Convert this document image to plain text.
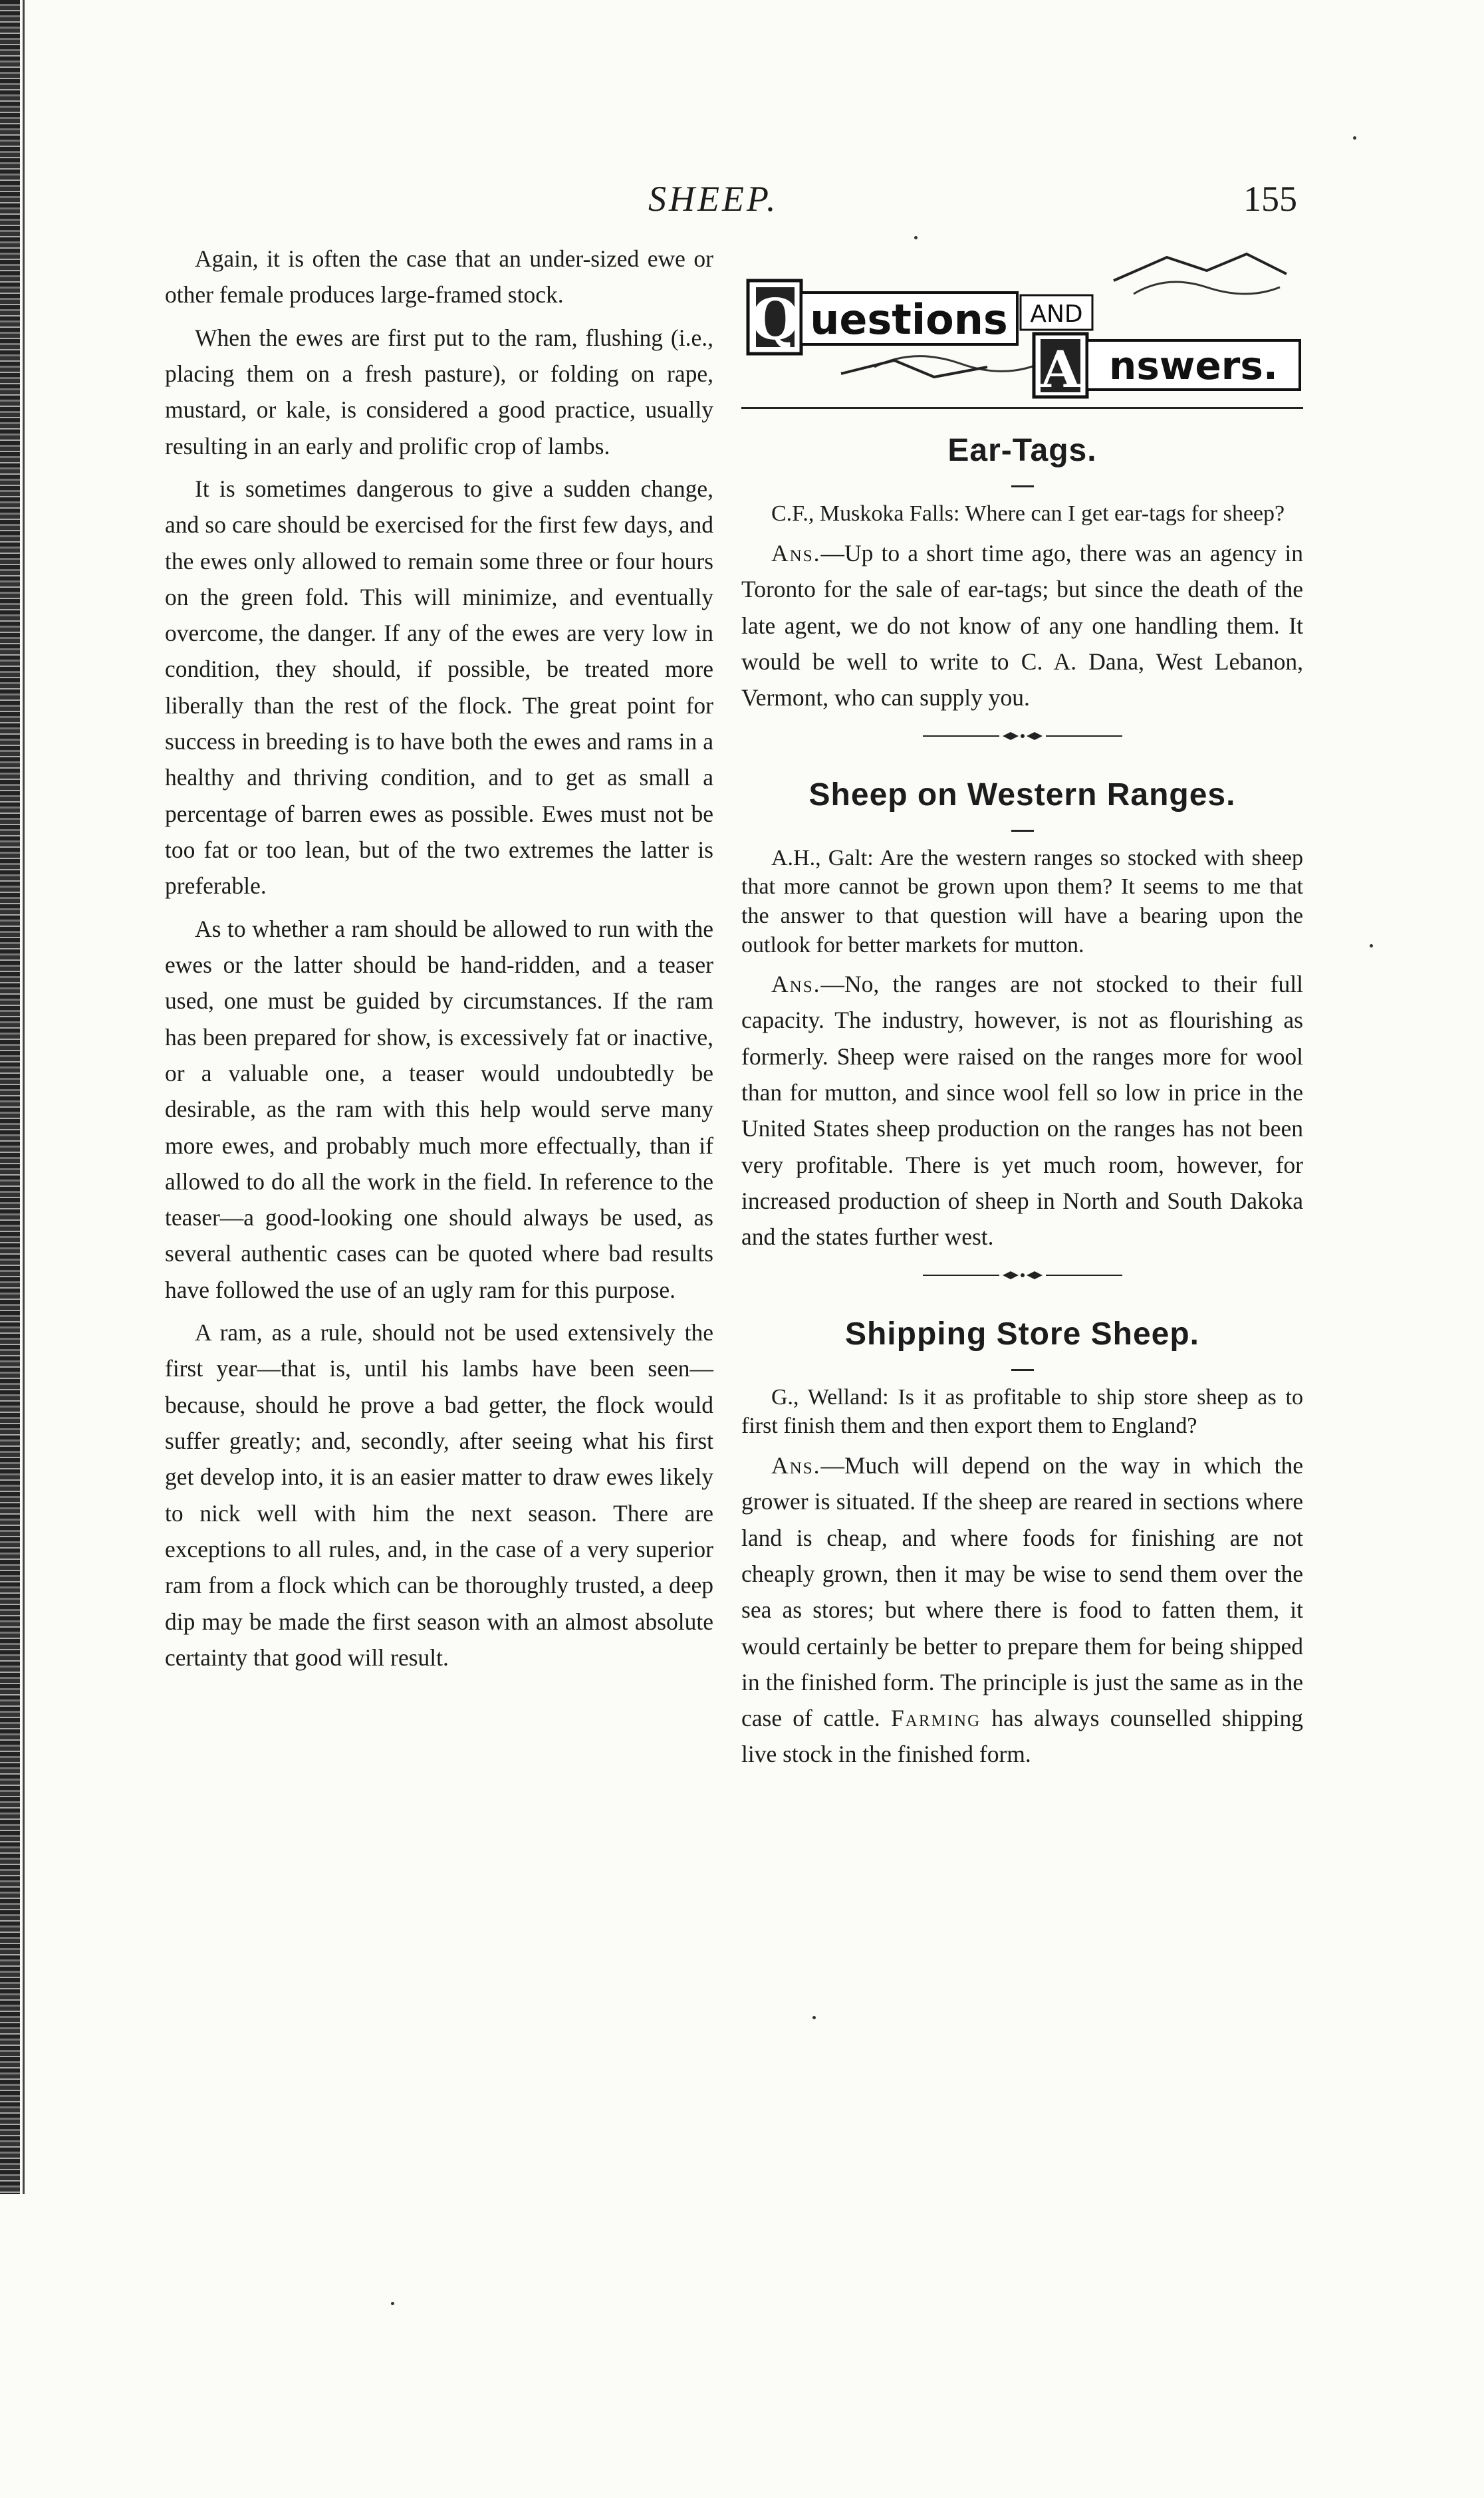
SHEEP.	155

Again, it is often the case that an under-sized ewe or other female produces large-framed stock.

When the ewes are first put to the ram, flushing (i.e., placing them on a fresh pasture), or folding on rape, mustard, or kale, is considered a good practice, usually resulting in an early and prolific crop of lambs.

It is sometimes dangerous to give a sudden change, and so care should be exercised for the first few days, and the ewes only allowed to remain some three or four hours on the green fold. This will minimize, and eventually overcome, the danger. If any of the ewes are very low in condition, they should, if possible, be treated more liberally than the rest of the flock. The great point for success in breeding is to have both the ewes and rams in a healthy and thriving condition, and to get as small a percentage of barren ewes as possible. Ewes must not be too fat or too lean, but of the two extremes the latter is preferable.

As to whether a ram should be allowed to run with the ewes or the latter should be hand-ridden, and a teaser used, one must be guided by circumstances. If the ram has been prepared for show, is excessively fat or inactive, or a valuable one, a teaser would undoubtedly be desirable, as the ram with this help would serve many more ewes, and probably much more effectually, than if allowed to do all the work in the field. In reference to the teaser—a good-looking one should always be used, as several authentic cases can be quoted where bad results have followed the use of an ugly ram for this purpose.

A ram, as a rule, should not be used extensively the first year—that is, until his lambs have been seen—because, should he prove a bad getter, the flock would suffer greatly; and, secondly, after seeing what his first get develop into, it is an easier matter to draw ewes likely to nick well with him the next season. There are exceptions to all rules, and, in the case of a very superior ram from a flock which can be thoroughly trusted, a deep dip may be made the first season with an almost absolute certainty that good will result.

Q uestions AND
A nswers.
Ear-Tags.

C.F., Muskoka Falls: Where can I get ear-tags for sheep?

Ans.—Up to a short time ago, there was an agency in Toronto for the sale of ear-tags; but since the death of the late agent, we do not know of any one handling them. It would be well to write to C. A. Dana, West Lebanon, Vermont, who can supply you.

Sheep on Western Ranges.

A.H., Galt: Are the western ranges so stocked with sheep that more cannot be grown upon them? It seems to me that the answer to that question will have a bearing upon the outlook for better markets for mutton.

Ans.—No, the ranges are not stocked to their full capacity. The industry, however, is not as flourishing as formerly. Sheep were raised on the ranges more for wool than for mutton, and since wool fell so low in price in the United States sheep production on the ranges has not been very profitable. There is yet much room, however, for increased production of sheep in North and South Dakoka and the states further west.

Shipping Store Sheep.

G., Welland: Is it as profitable to ship store sheep as to first finish them and then export them to England?

Ans.—Much will depend on the way in which the grower is situated. If the sheep are reared in sections where land is cheap, and where foods for finishing are not cheaply grown, then it may be wise to send them over the sea as stores; but where there is food to fatten them, it would certainly be better to prepare them for being shipped in the finished form. The principle is just the same as in the case of cattle. Farming has always counselled shipping live stock in the finished form.
